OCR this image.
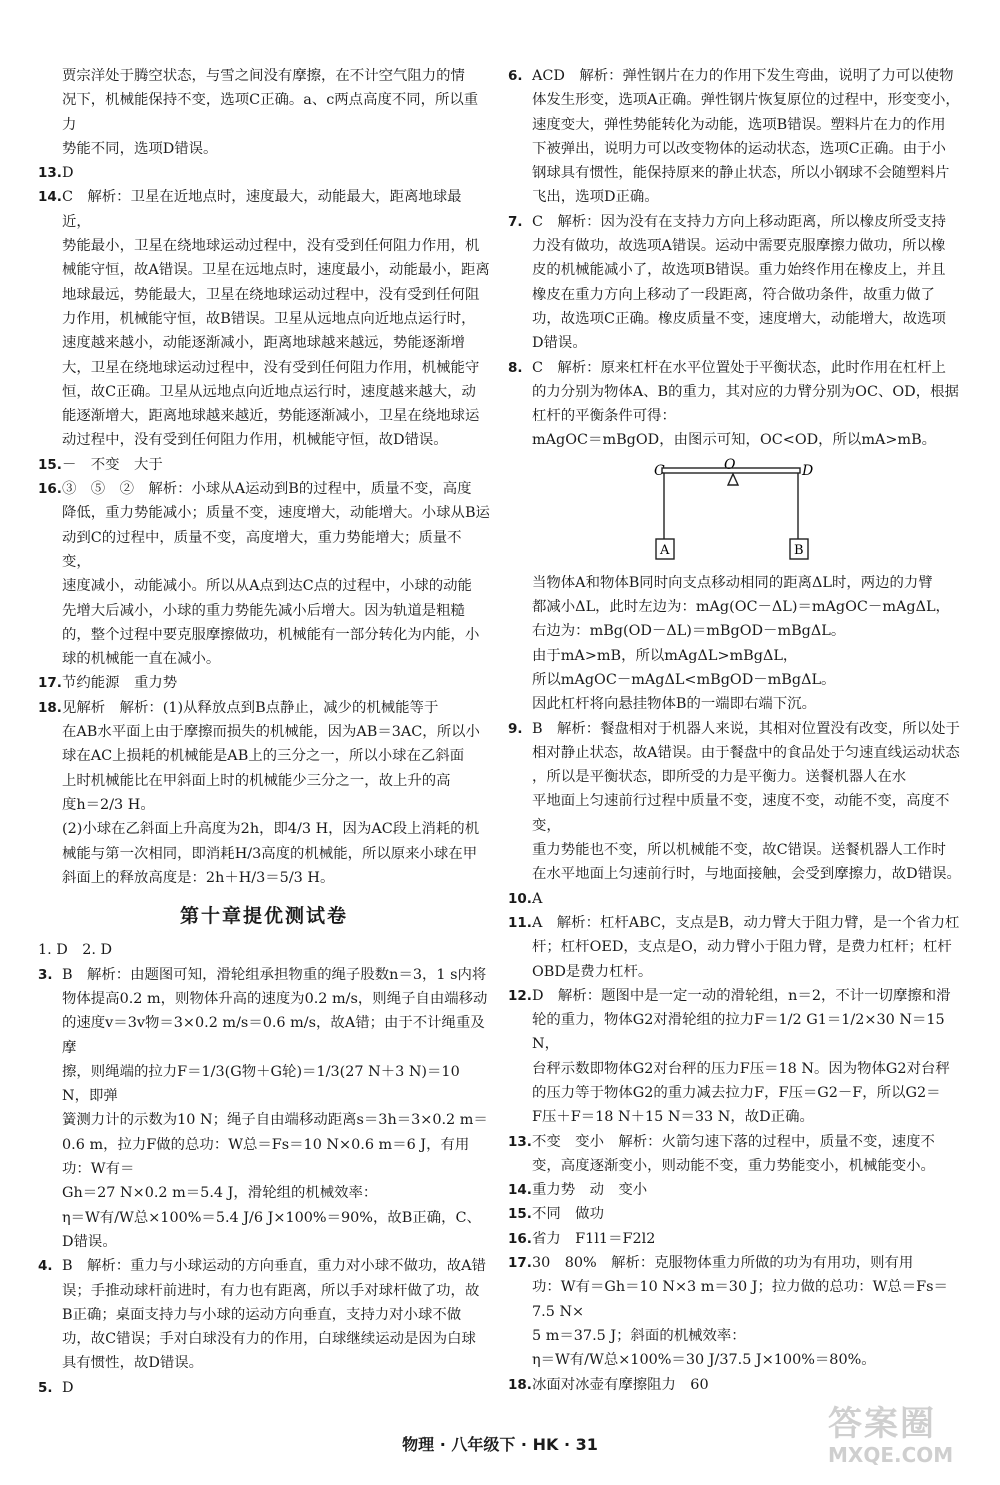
贾宗洋处于腾空状态，与雪之间没有摩擦，在不计空气阻力的情
况下，机械能保持不变，选项C正确。a、c两点高度不同，所以重力
势能不同，选项D错误。

13. D

14. C　解析：卫星在近地点时，速度最大，动能最大，距离地球最近，
势能最小，卫星在绕地球运动过程中，没有受到任何阻力作用，机
械能守恒，故A错误。卫星在远地点时，速度最小，动能最小，距离
地球最远，势能最大，卫星在绕地球运动过程中，没有受到任何阻
力作用，机械能守恒，故B错误。卫星从远地点向近地点运行时，
速度越来越小，动能逐渐减小，距离地球越来越远，势能逐渐增
大，卫星在绕地球运动过程中，没有受到任何阻力作用，机械能守
恒，故C正确。卫星从远地点向近地点运行时，速度越来越大，动
能逐渐增大，距离地球越来越近，势能逐渐减小，卫星在绕地球运
动过程中，没有受到任何阻力作用，机械能守恒，故D错误。

15. －　不变　大于

16. ③　⑤　②　解析：小球从A运动到B的过程中，质量不变，高度
降低，重力势能减小；质量不变，速度增大，动能增大。小球从B运
动到C的过程中，质量不变，高度增大，重力势能增大；质量不变，
速度减小，动能减小。所以从A点到达C点的过程中，小球的动能
先增大后减小，小球的重力势能先减小后增大。因为轨道是粗糙
的，整个过程中要克服摩擦做功，机械能有一部分转化为内能，小
球的机械能一直在减小。

17. 节约能源　重力势

18. 见解析　解析：(1)从释放点到B点静止，减少的机械能等于
在AB水平面上由于摩擦而损失的机械能，因为AB＝3AC，所以小
球在AC上损耗的机械能是AB上的三分之一，所以小球在乙斜面
上时机械能比在甲斜面上时的机械能少三分之一，故上升的高
度h＝2/3 H。
(2)小球在乙斜面上升高度为2h，即4/3 H，因为AC段上消耗的机
械能与第一次相同，即消耗H/3高度的机械能，所以原来小球在甲
斜面上的释放高度是：2h＋H/3＝5/3 H。

第十章提优测试卷

1. D　2. D

3. B　解析：由题图可知，滑轮组承担物重的绳子股数n＝3，1 s内将
物体提高0.2 m，则物体升高的速度为0.2 m/s，则绳子自由端移动
的速度v＝3v物＝3×0.2 m/s＝0.6 m/s，故A错；由于不计绳重及摩
擦，则绳端的拉力F＝1/3(G物＋G轮)＝1/3(27 N＋3 N)＝10 N，即弹
簧测力计的示数为10 N；绳子自由端移动距离s＝3h＝3×0.2 m＝
0.6 m，拉力F做的总功：W总＝Fs＝10 N×0.6 m＝6 J，有用功：W有＝
Gh＝27 N×0.2 m＝5.4 J，滑轮组的机械效率：
η＝W有/W总×100%＝5.4 J/6 J×100%＝90%，故B正确，C、D错误。

4. B　解析：重力与小球运动的方向垂直，重力对小球不做功，故A错
误；手推动球杆前进时，有力也有距离，所以手对球杆做了功，故
B正确；桌面支持力与小球的运动方向垂直，支持力对小球不做
功，故C错误；手对白球没有力的作用，白球继续运动是因为白球
具有惯性，故D错误。

5. D

6. ACD　解析：弹性钢片在力的作用下发生弯曲，说明了力可以使物
体发生形变，选项A正确。弹性钢片恢复原位的过程中，形变变小，
速度变大，弹性势能转化为动能，选项B错误。塑料片在力的作用
下被弹出，说明力可以改变物体的运动状态，选项C正确。由于小
钢球具有惯性，能保持原来的静止状态，所以小钢球不会随塑料片
飞出，选项D正确。

7. C　解析：因为没有在支持力方向上移动距离，所以橡皮所受支持
力没有做功，故选项A错误。运动中需要克服摩擦力做功，所以橡
皮的机械能减小了，故选项B错误。重力始终作用在橡皮上，并且
橡皮在重力方向上移动了一段距离，符合做功条件，故重力做了
功，故选项C正确。橡皮质量不变，速度增大，动能增大，故选项
D错误。

8. C　解析：原来杠杆在水平位置处于平衡状态，此时作用在杠杆上
的力分别为物体A、B的重力，其对应的力臂分别为OC、OD，根据
杠杆的平衡条件可得：
mAgOC＝mBgOD，由图示可知，OC<OD，所以mA>mB。
C	O	D
A	B
当物体A和物体B同时向支点移动相同的距离ΔL时，两边的力臂
都减小ΔL，此时左边为：mAg(OC－ΔL)＝mAgOC－mAgΔL，
右边为：mBg(OD－ΔL)＝mBgOD－mBgΔL。
由于mA>mB，所以mAgΔL>mBgΔL，
所以mAgOC－mAgΔL<mBgOD－mBgΔL。
因此杠杆将向悬挂物体B的一端即右端下沉。

9. B　解析：餐盘相对于机器人来说，其相对位置没有改变，所以处于
相对静止状态，故A错误。由于餐盘中的食品处于匀速直线运动状态
，所以是平衡状态，即所受的力是平衡力。送餐机器人在水
平地面上匀速前行过程中质量不变，速度不变，动能不变，高度不变，
重力势能也不变，所以机械能不变，故C错误。送餐机器人工作时
在水平地面上匀速前行时，与地面接触，会受到摩擦力，故D错误。

10. A

11. A　解析：杠杆ABC，支点是B，动力臂大于阻力臂，是一个省力杠
杆；杠杆OED，支点是O，动力臂小于阻力臂，是费力杠杆；杠杆
OBD是费力杠杆。

12. D　解析：题图中是一定一动的滑轮组，n＝2，不计一切摩擦和滑
轮的重力，物体G2对滑轮组的拉力F＝1/2 G1＝1/2×30 N＝15 N，
台秤示数即物体G2对台秤的压力F压＝18 N。因为物体G2对台秤
的压力等于物体G2的重力减去拉力F，F压＝G2－F，所以G2＝
F压＋F＝18 N＋15 N＝33 N，故D正确。

13. 不变　变小　解析：火箭匀速下落的过程中，质量不变，速度不
变，高度逐渐变小，则动能不变，重力势能变小，机械能变小。

14. 重力势　动　变小

15. 不同　做功

16. 省力　F1l1＝F2l2

17. 30　80%　解析：克服物体重力所做的功为有用功，则有用
功：W有＝Gh＝10 N×3 m＝30 J；拉力做的总功：W总＝Fs＝7.5 N×
5 m＝37.5 J；斜面的机械效率：
η＝W有/W总×100%＝30 J/37.5 J×100%＝80%。

18. 冰面对冰壶有摩擦阻力　60

物理 · 八年级下 · HK · 31
答案圈
MXQE.COM
